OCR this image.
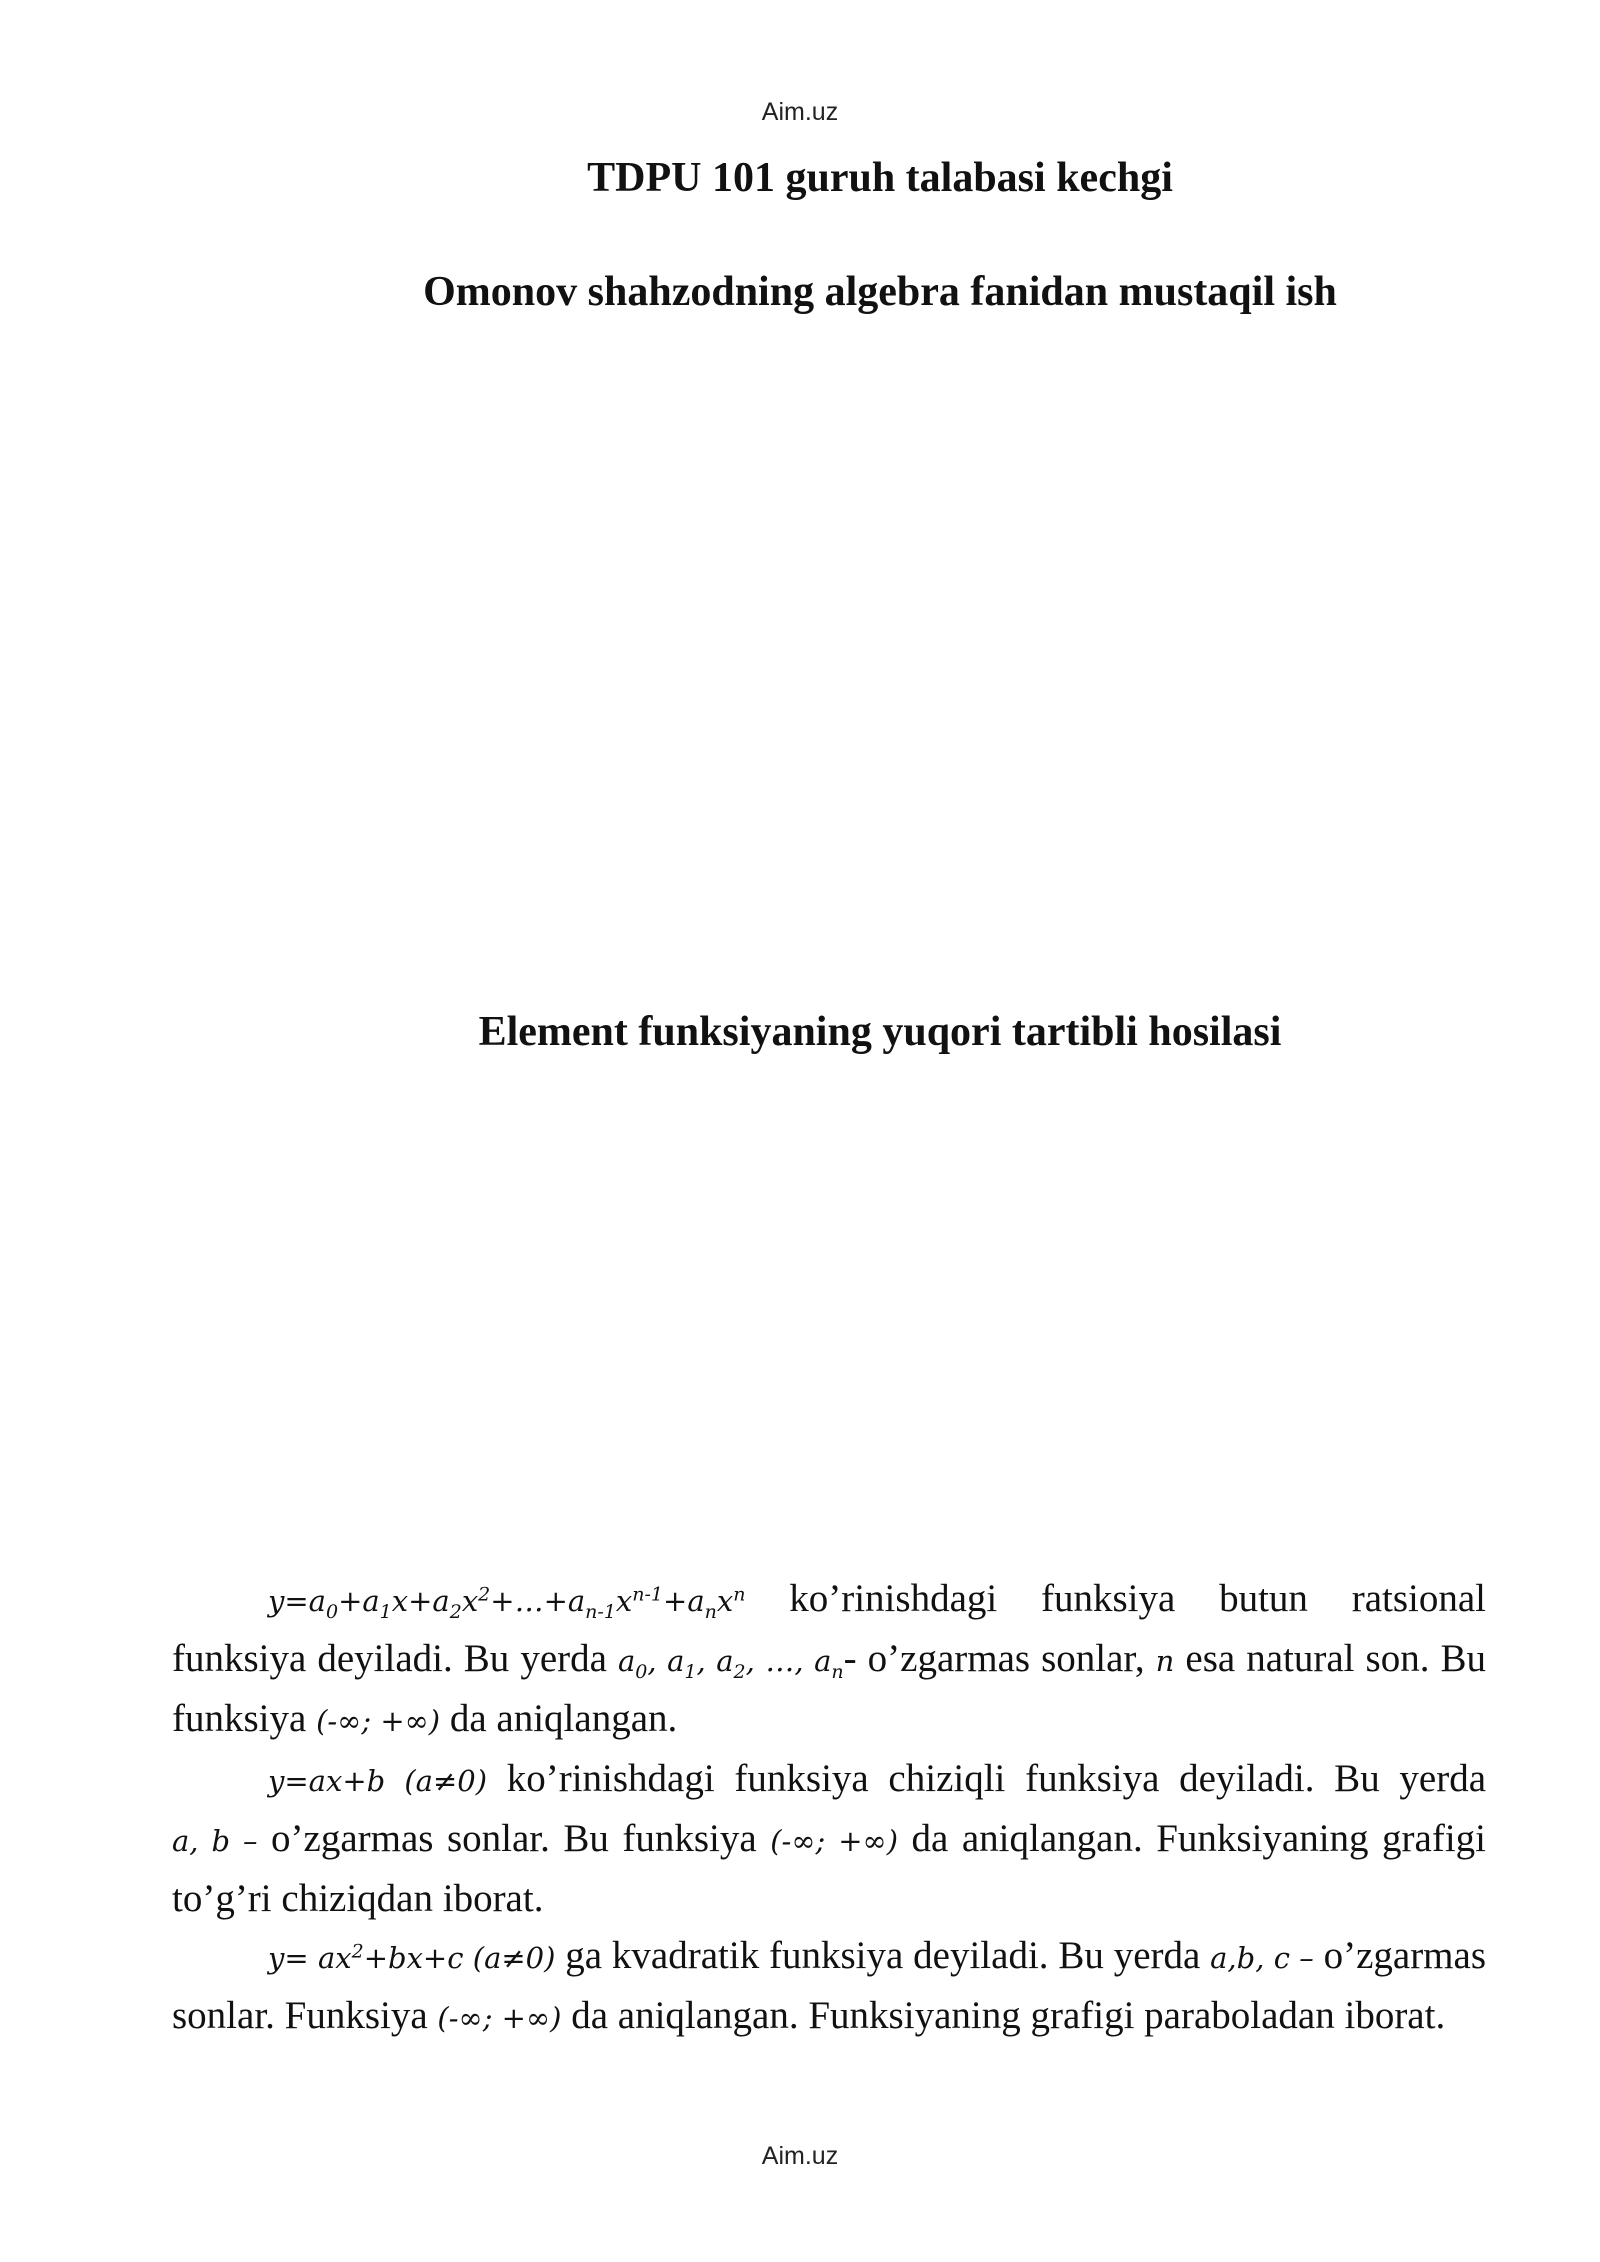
Aim.uz
TDPU 101 guruh talabasi kechgi
Omonov shahzodning algebra fanidan mustaqil ish
Element funksiyaning yuqori tartibli hosilasi

$y=a_0+a_1x+a_2x^2+\dots+a_{n-1}x^{n-1}+a_nx^n$ ko’rinishdagi funksiya butun ratsional funksiya deyiladi. Bu yerda $a_0$, $a_1$, $a_2$, …, $a_n-$ o’zgarmas sonlar, n esa natural son. Bu funksiya (-∞; +∞) da aniqlangan.

y=ax+b (a≠0) ko’rinishdagi funksiya chiziqli funksiya deyiladi. Bu yerda a, b – o’zgarmas sonlar. Bu funksiya (-∞; +∞) da aniqlangan. Funksiyaning grafigi to’g’ri chiziqdan iborat.

$y= ax^2+bx+c$ (a≠0) ga kvadratik funksiya deyiladi. Bu yerda a,b, c – o’zgarmas sonlar. Funksiya (-∞; +∞) da aniqlangan. Funksiyaning grafigi paraboladan iborat.

Aim.uz
